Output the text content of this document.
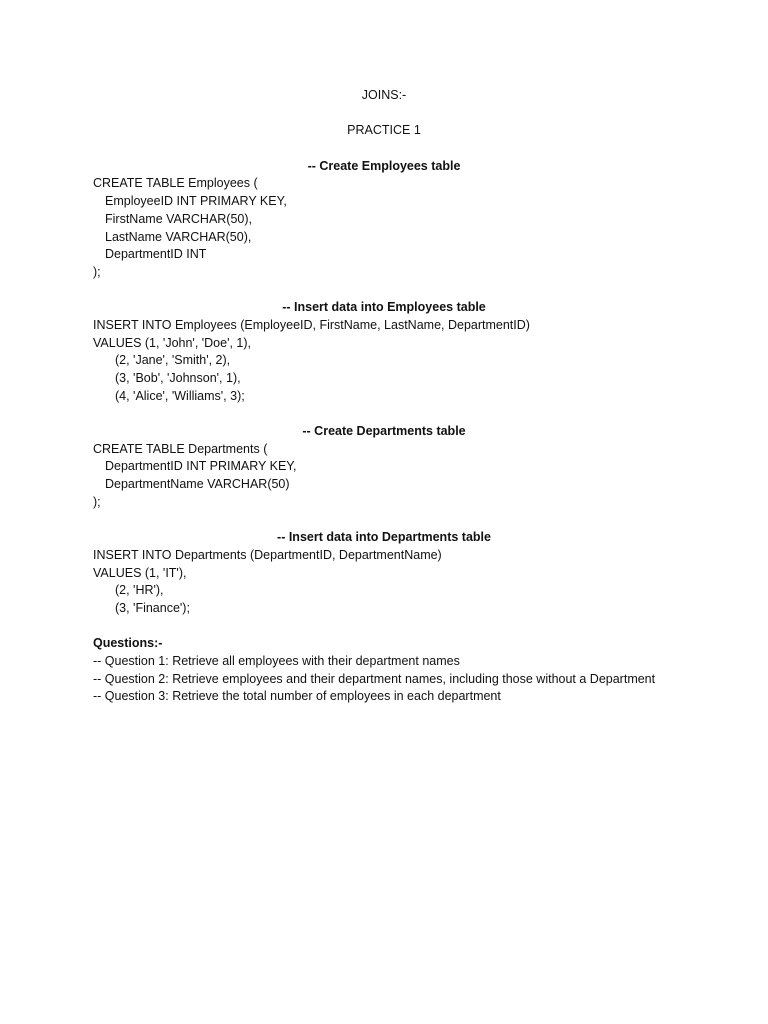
JOINS:-
PRACTICE 1
-- Create Employees table
CREATE TABLE Employees (
EmployeeID INT PRIMARY KEY,
FirstName VARCHAR(50),
LastName VARCHAR(50),
DepartmentID INT
);
-- Insert data into Employees table
INSERT INTO Employees (EmployeeID, FirstName, LastName, DepartmentID)
VALUES (1, 'John', 'Doe', 1),
(2, 'Jane', 'Smith', 2),
(3, 'Bob', 'Johnson', 1),
(4, 'Alice', 'Williams', 3);
-- Create Departments table
CREATE TABLE Departments (
DepartmentID INT PRIMARY KEY,
DepartmentName VARCHAR(50)
);
-- Insert data into Departments table
INSERT INTO Departments (DepartmentID, DepartmentName)
VALUES (1, 'IT'),
(2, 'HR'),
(3, 'Finance');
Questions:-
-- Question 1: Retrieve all employees with their department names
-- Question 2: Retrieve employees and their department names, including those without a Department
-- Question 3: Retrieve the total number of employees in each department
